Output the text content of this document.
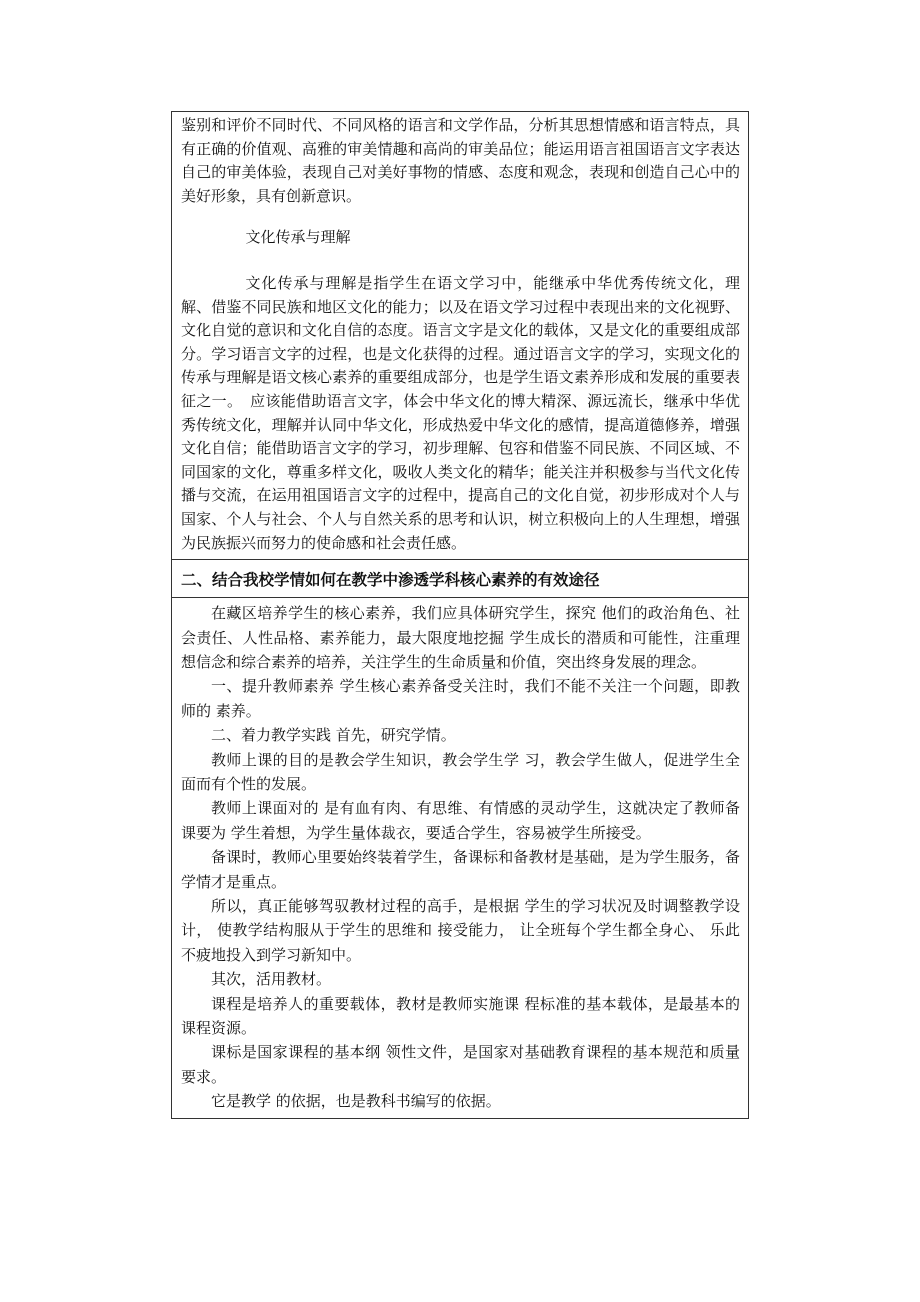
鉴别和评价不同时代、不同风格的语言和文学作品，分析其思想情感和语言特点，具有正确的价值观、高雅的审美情趣和高尚的审美品位；能运用语言祖国语言文字表达自己的审美体验，表现自己对美好事物的情感、态度和观念，表现和创造自己心中的美好形象，具有创新意识。

文化传承与理解

文化传承与理解是指学生在语文学习中，能继承中华优秀传统文化，理解、借鉴不同民族和地区文化的能力；以及在语文学习过程中表现出来的文化视野、文化自觉的意识和文化自信的态度。语言文字是文化的载体，又是文化的重要组成部分。学习语言文字的过程，也是文化获得的过程。通过语言文字的学习，实现文化的传承与理解是语文核心素养的重要组成部分，也是学生语文素养形成和发展的重要表征之一。　应该能借助语言文字，体会中华文化的博大精深、源远流长，继承中华优秀传统文化，理解并认同中华文化，形成热爱中华文化的感情，提高道德修养，增强文化自信；能借助语言文字的学习，初步理解、包容和借鉴不同民族、不同区域、不同国家的文化，尊重多样文化，吸收人类文化的精华；能关注并积极参与当代文化传播与交流，在运用祖国语言文字的过程中，提高自己的文化自觉，初步形成对个人与国家、个人与社会、个人与自然关系的思考和认识，树立积极向上的人生理想，增强为民族振兴而努力的使命感和社会责任感。

二、结合我校学情如何在教学中渗透学科核心素养的有效途径

在藏区培养学生的核心素养，我们应具体研究学生，探究 他们的政治角色、社会责任、人性品格、素养能力，最大限度地挖掘 学生成长的潜质和可能性，注重理想信念和综合素养的培养，关注学生的生命质量和价值，突出终身发展的理念。

一、提升教师素养 学生核心素养备受关注时，我们不能不关注一个问题，即教师的 素养。

二、着力教学实践 首先，研究学情。

教师上课的目的是教会学生知识，教会学生学 习，教会学生做人，促进学生全面而有个性的发展。

教师上课面对的 是有血有肉、有思维、有情感的灵动学生，这就决定了教师备课要为 学生着想，为学生量体裁衣，要适合学生，容易被学生所接受。

备课时，教师心里要始终装着学生，备课标和备教材是基础，是为学生服务，备学情才是重点。

所以，真正能够驾驭教材过程的高手，是根据 学生的学习状况及时调整教学设计， 使教学结构服从于学生的思维和 接受能力， 让全班每个学生都全身心、 乐此不疲地投入到学习新知中。

其次，活用教材。

课程是培养人的重要载体，教材是教师实施课 程标准的基本载体，是最基本的课程资源。

课标是国家课程的基本纲 领性文件，是国家对基础教育课程的基本规范和质量要求。

它是教学 的依据，也是教科书编写的依据。
